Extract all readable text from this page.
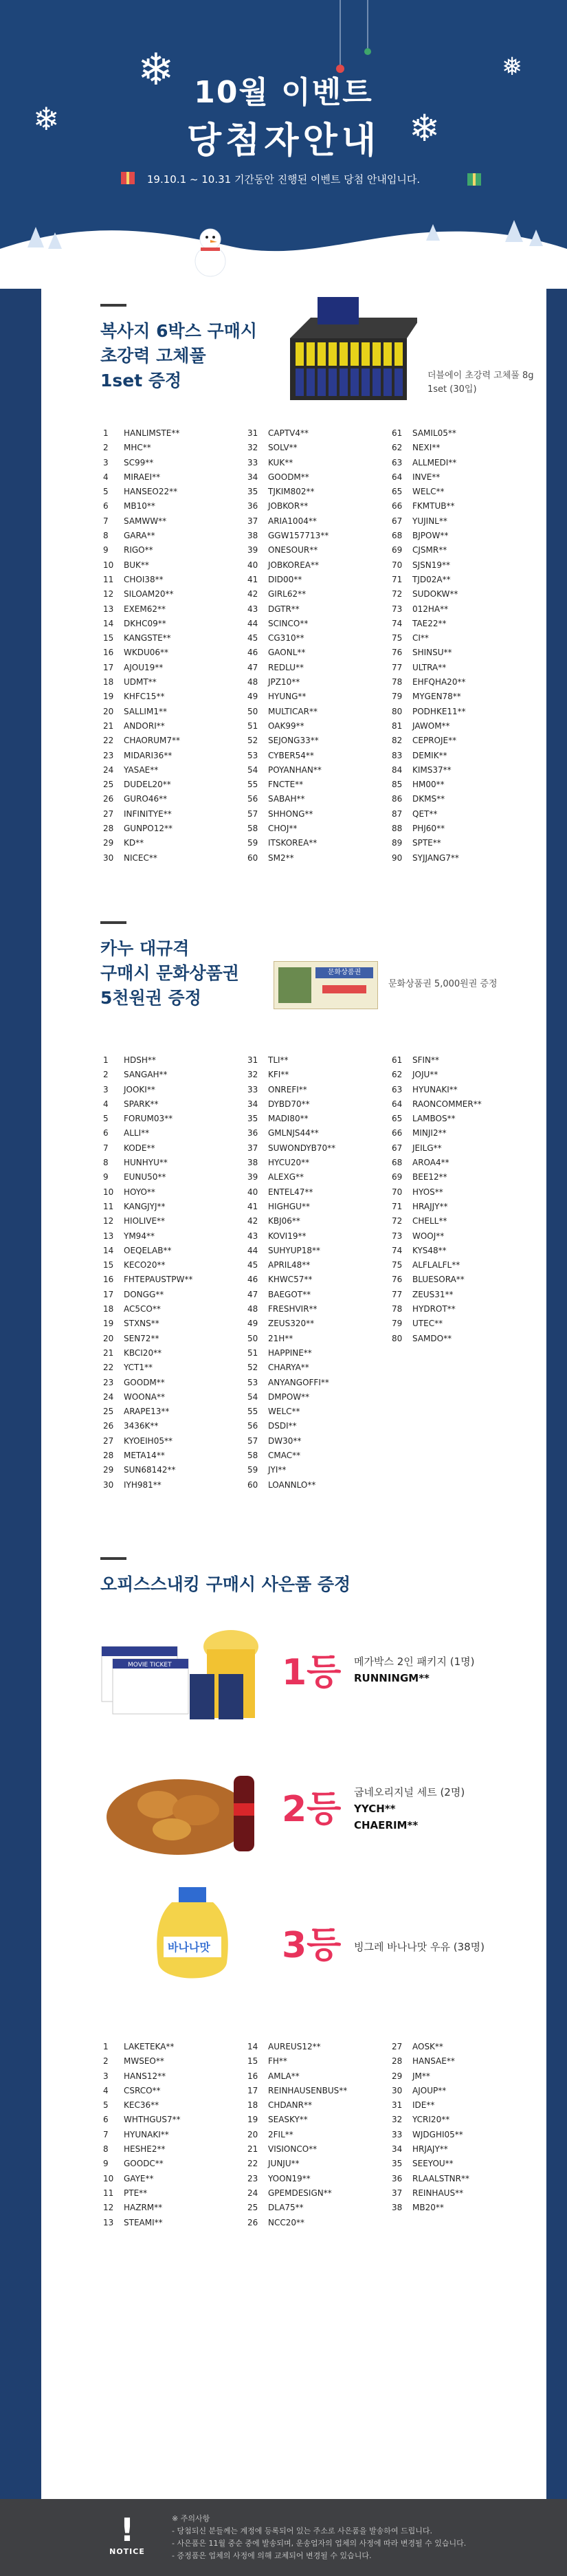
❄
❄
❅
❄
10월 이벤트
당첨자안내
19.10.1 ~ 10.31 기간동안 진행된 이벤트 당첨 안내입니다.
복사지 6박스 구매시
초강력 고체풀
1set 증정	더블에이 초강력 고체풀 8g
1set (30입)
1 HANLIMSTE**
2 MHC**
3 SC99**
4 MIRAEI**
5 HANSEO22**
6 MB10**
7 SAMWW**
8 GARA**
9 RIGO**
10 BUK**
11 CHOI38**
12 SILOAM20**
13 EXEM62**
14 DKHC09**
15 KANGSTE**
16 WKDU06**
17 AJOU19**
18 UDMT**
19 KHFC15**
20 SALLIM1**
21 ANDORI**
22 CHAORUM7**
23 MIDARI36**
24 YASAE**
25 DUDEL20**
26 GURO46**
27 INFINITYE**
28 GUNPO12**
29 KD**
30 NICEC**
31 CAPTV4**
32 SOLV**
33 KUK**
34 GOODM**
35 TJKIM802**
36 JOBKOR**
37 ARIA1004**
38 GGW157713**
39 ONESOUR**
40 JOBKOREA**
41 DID00**
42 GIRL62**
43 DGTR**
44 SCINCO**
45 CG310**
46 GAONL**
47 REDLU**
48 JPZ10**
49 HYUNG**
50 MULTICAR**
51 OAK99**
52 SEJONG33**
53 CYBER54**
54 POYANHAN**
55 FNCTE**
56 SABAH**
57 SHHONG**
58 CHOJ**
59 ITSKOREA**
60 SM2**
61 SAMIL05**
62 NEXI**
63 ALLMEDI**
64 INVE**
65 WELC**
66 FKMTUB**
67 YUJINL**
68 BJPOW**
69 CJSMR**
70 SJSN19**
71 TJD02A**
72 SUDOKW**
73 012HA**
74 TAE22**
75 CI**
76 SHINSU**
77 ULTRA**
78 EHFQHA20**
79 MYGEN78**
80 PODHKE11**
81 JAWOM**
82 CEPROJE**
83 DEMIK**
84 KIMS37**
85 HM00**
86 DKMS**
87 QET**
88 PHJ60**
89 SPTE**
90 SYJJANG7**
카누 대규격
구매시 문화상품권
5천원권 증정
문화상품권
문화상품권 5,000원권 증정
1 HDSH**
2 SANGAH**
3 JOOKI**
4 SPARK**
5 FORUM03**
6 ALLI**
7 KODE**
8 HUNHYU**
9 EUNU50**
10 HOYO**
11 KANGJYJ**
12 HIOLIVE**
13 YM94**
14 OEQELAB**
15 KECO20**
16 FHTEPAUSTPW**
17 DONGG**
18 AC5CO**
19 STXNS**
20 SEN72**
21 KBCI20**
22 YCT1**
23 GOODM**
24 WOONA**
25 ARAPE13**
26 3436K**
27 KYOEIH05**
28 META14**
29 SUN68142**
30 IYH981**
31 TLI**
32 KFI**
33 ONREFI**
34 DYBD70**
35 MADI80**
36 GMLNJS44**
37 SUWONDYB70**
38 HYCU20**
39 ALEXG**
40 ENTEL47**
41 HIGHGU**
42 KBJ06**
43 KOVI19**
44 SUHYUP18**
45 APRIL48**
46 KHWC57**
47 BAEGOT**
48 FRESHVIR**
49 ZEUS320**
50 21H**
51 HAPPINE**
52 CHARYA**
53 ANYANGOFFI**
54 DMPOW**
55 WELC**
56 DSDI**
57 DW30**
58 CMAC**
59 JYI**
60 LOANNLO**
61 SFIN**
62 JOJU**
63 HYUNAKI**
64 RAONCOMMER**
65 LAMBOS**
66 MINJI2**
67 JEILG**
68 AROA4**
69 BEE12**
70 HYOS**
71 HRAJJY**
72 CHELL**
73 WOOJ**
74 KYS48**
75 ALFLALFL**
76 BLUESORA**
77 ZEUS31**
78 HYDROT**
79 UTEC**
80 SAMDO**
오피스스내킹 구매시 사은품 증정
MOVIE TICKET	1등 메가박스 2인 패키지 (1명)
RUNNINGM**
2등 굽네오리지널 세트 (2명)
YYCH**
CHAERIM**
바나나맛 3등 빙그레 바나나맛 우유 (38명)
1 LAKETEKA**
2 MWSEO**
3 HANS12**
4 CSRCO**
5 KEC36**
6 WHTHGUS7**
7 HYUNAKI**
8 HESHE2**
9 GOODC**
10 GAYE**
11 PTE**
12 HAZRM**
13 STEAMI**
14 AUREUS12**
15 FH**
16 AMLA**
17 REINHAUSENBUS**
18 CHDANR**
19 SEASKY**
20 2FIL**
21 VISIONCO**
22 JUNJU**
23 YOON19**
24 GPEMDESIGN**
25 DLA75**
26 NCC20**
27 AOSK**
28 HANSAE**
29 JM**
30 AJOUP**
31 IDE**
32 YCRI20**
33 WJDGHI05**
34 HRJAJY**
35 SEEYOU**
36 RLAALSTNR**
37 REINHAUS**
38 MB20**
!
NOTICE
※ 주의사항
- 당첨되신 분들께는 계정에 등록되어 있는 주소로 사은품을 발송하여 드립니다.
- 사은품은 11월 중순 중에 발송되며, 운송업자의 업체의 사정에 따라 변경될 수 있습니다.
- 증정품은 업체의 사정에 의해 교체되어 변경될 수 있습니다.
